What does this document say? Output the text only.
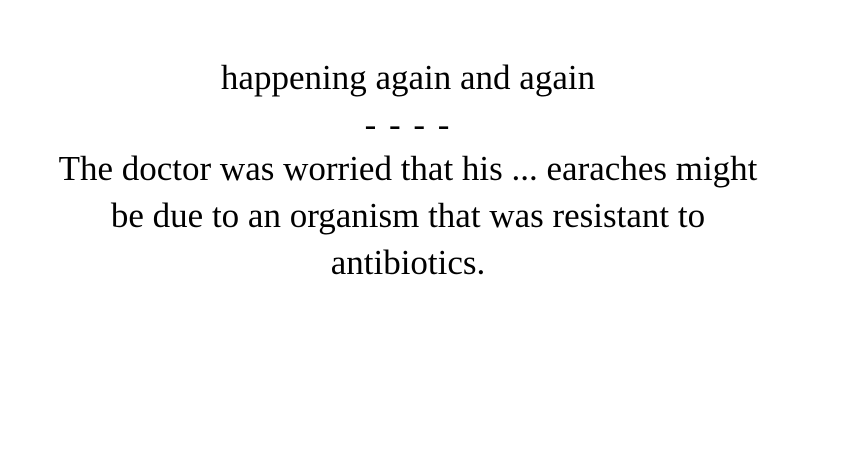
happening again and again
- - - -
The doctor was worried that his ... earaches might be due to an organism that was resistant to antibiotics.
